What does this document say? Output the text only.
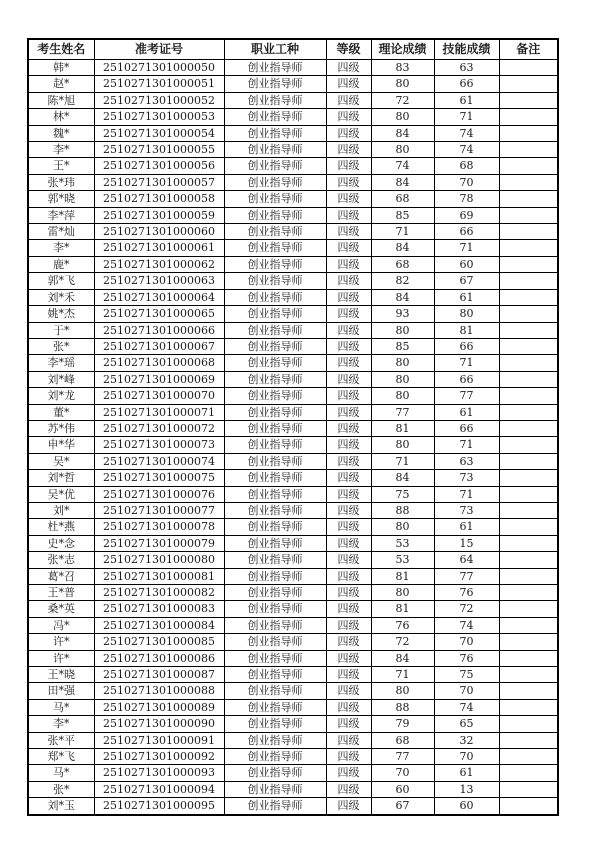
考生姓名	准考证号	职业工种	等级	理论成绩	技能成绩	备注
韩*	2510271301000050	创业指导师	四级	83	63	
赵*	2510271301000051	创业指导师	四级	80	66	
陈*旭	2510271301000052	创业指导师	四级	72	61	
林*	2510271301000053	创业指导师	四级	80	71	
魏*	2510271301000054	创业指导师	四级	84	74	
李*	2510271301000055	创业指导师	四级	80	74	
王*	2510271301000056	创业指导师	四级	74	68	
张*玮	2510271301000057	创业指导师	四级	84	70	
郭*晓	2510271301000058	创业指导师	四级	68	78	
李*萍	2510271301000059	创业指导师	四级	85	69	
雷*灿	2510271301000060	创业指导师	四级	71	66	
李*	2510271301000061	创业指导师	四级	84	71	
鹿*	2510271301000062	创业指导师	四级	68	60	
郭*飞	2510271301000063	创业指导师	四级	82	67	
刘*禾	2510271301000064	创业指导师	四级	84	61	
姚*杰	2510271301000065	创业指导师	四级	93	80	
于*	2510271301000066	创业指导师	四级	80	81	
张*	2510271301000067	创业指导师	四级	85	66	
李*瑶	2510271301000068	创业指导师	四级	80	71	
刘*峰	2510271301000069	创业指导师	四级	80	66	
刘*龙	2510271301000070	创业指导师	四级	80	77	
董*	2510271301000071	创业指导师	四级	77	61	
苏*伟	2510271301000072	创业指导师	四级	81	66	
申*华	2510271301000073	创业指导师	四级	80	71	
吴*	2510271301000074	创业指导师	四级	71	63	
刘*哲	2510271301000075	创业指导师	四级	84	73	
吴*优	2510271301000076	创业指导师	四级	75	71	
刘*	2510271301000077	创业指导师	四级	88	73	
杜*燕	2510271301000078	创业指导师	四级	80	61	
史*念	2510271301000079	创业指导师	四级	53	15	
张*志	2510271301000080	创业指导师	四级	53	64	
葛*召	2510271301000081	创业指导师	四级	81	77	
王*普	2510271301000082	创业指导师	四级	80	76	
桑*英	2510271301000083	创业指导师	四级	81	72	
冯*	2510271301000084	创业指导师	四级	76	74	
许*	2510271301000085	创业指导师	四级	72	70	
许*	2510271301000086	创业指导师	四级	84	76	
王*晓	2510271301000087	创业指导师	四级	71	75	
田*强	2510271301000088	创业指导师	四级	80	70	
马*	2510271301000089	创业指导师	四级	88	74	
李*	2510271301000090	创业指导师	四级	79	65	
张*平	2510271301000091	创业指导师	四级	68	32	
郑*飞	2510271301000092	创业指导师	四级	77	70	
马*	2510271301000093	创业指导师	四级	70	61	
张*	2510271301000094	创业指导师	四级	60	13	
刘*玉	2510271301000095	创业指导师	四级	67	60	
